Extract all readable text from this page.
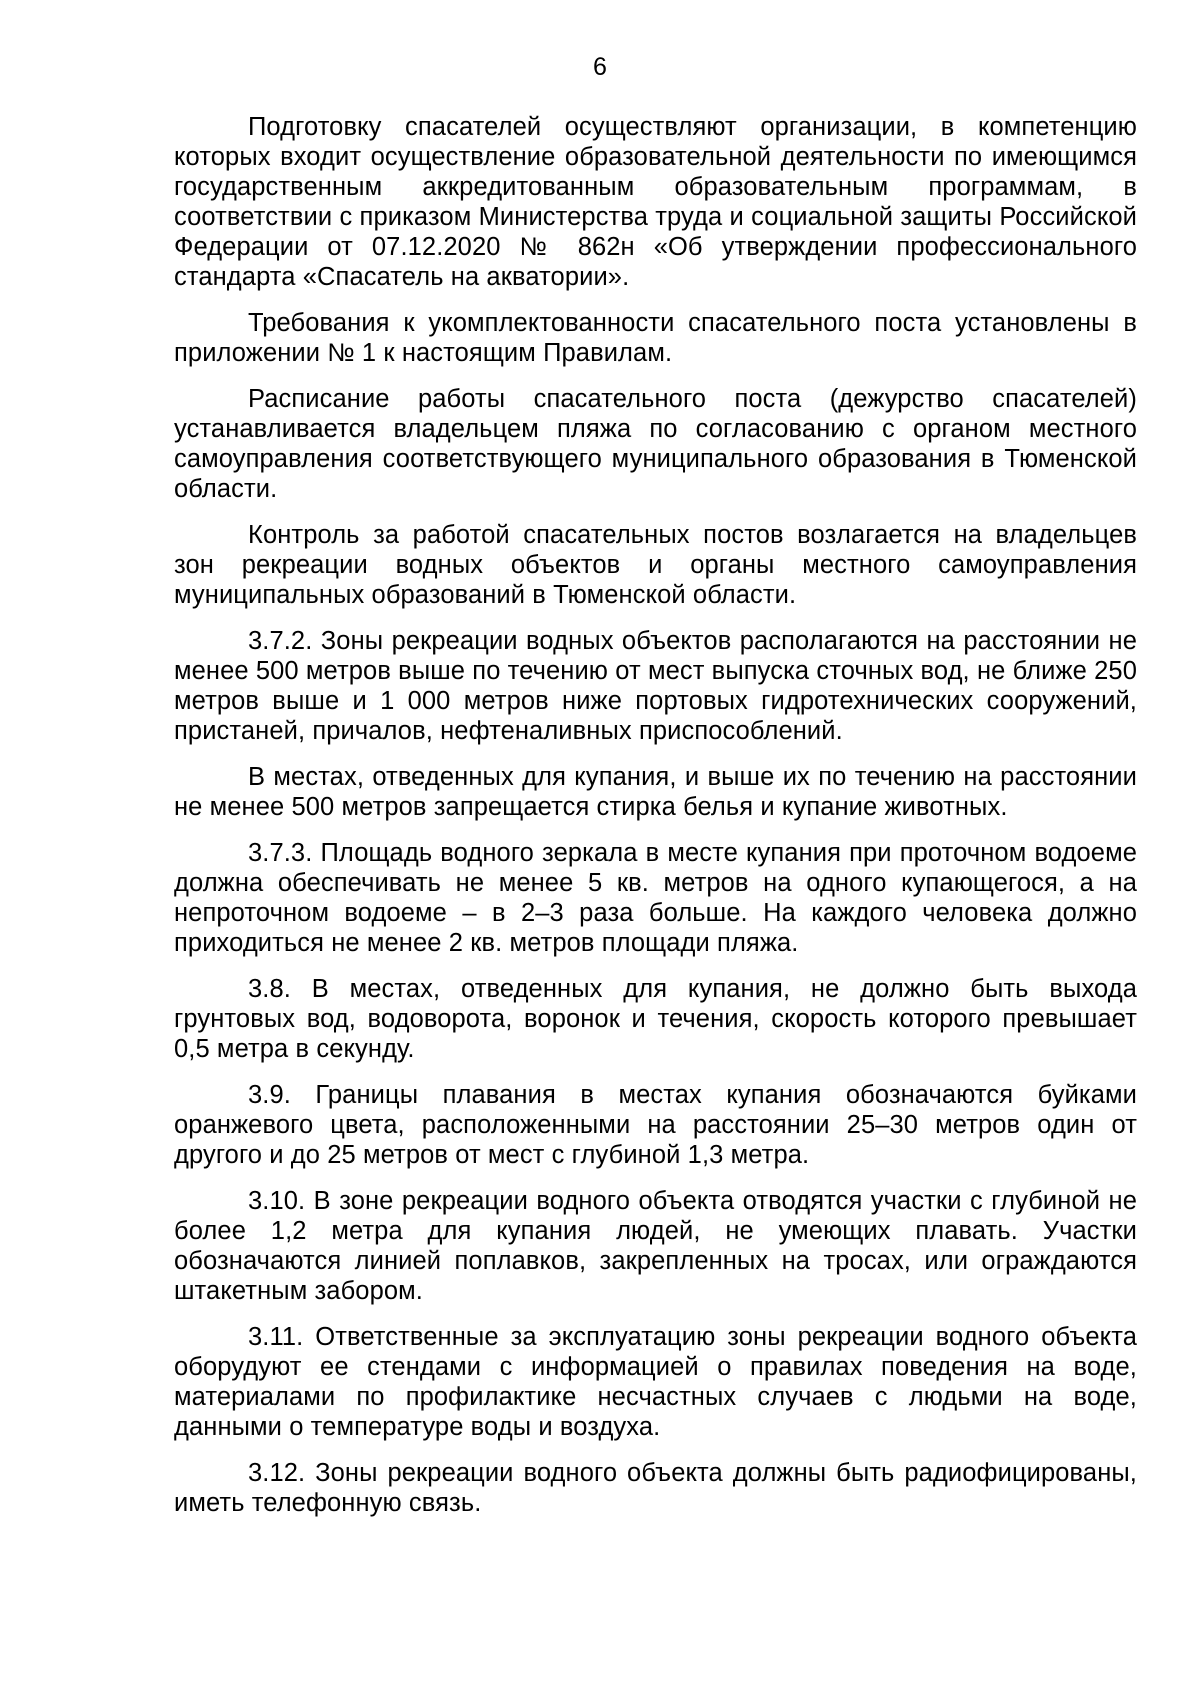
6

Подготовку спасателей осуществляют организации, в компетенцию которых входит осуществление образовательной деятельности по имеющимся государственным аккредитованным образовательным программам, в соответствии с приказом Министерства труда и социальной защиты Российской Федерации от 07.12.2020 № 862н «Об утверждении профессионального стандарта «Спасатель на акватории».

Требования к укомплектованности спасательного поста установлены в приложении № 1 к настоящим Правилам.

Расписание работы спасательного поста (дежурство спасателей) устанавливается владельцем пляжа по согласованию с органом местного самоуправления соответствующего муниципального образования в Тюменской области.

Контроль за работой спасательных постов возлагается на владельцев зон рекреации водных объектов и органы местного самоуправления муниципальных образований в Тюменской области.

3.7.2. Зоны рекреации водных объектов располагаются на расстоянии не менее 500 метров выше по течению от мест выпуска сточных вод, не ближе 250 метров выше и 1 000 метров ниже портовых гидротехнических сооружений, пристаней, причалов, нефтеналивных приспособлений.

В местах, отведенных для купания, и выше их по течению на расстоянии не менее 500 метров запрещается стирка белья и купание животных.

3.7.3. Площадь водного зеркала в месте купания при проточном водоеме должна обеспечивать не менее 5 кв. метров на одного купающегося, а на непроточном водоеме – в 2–3 раза больше. На каждого человека должно приходиться не менее 2 кв. метров площади пляжа.

3.8. В местах, отведенных для купания, не должно быть выхода грунтовых вод, водоворота, воронок и течения, скорость которого превышает 0,5 метра в секунду.

3.9. Границы плавания в местах купания обозначаются буйками оранжевого цвета, расположенными на расстоянии 25–30 метров один от другого и до 25 метров от мест с глубиной 1,3 метра.

3.10. В зоне рекреации водного объекта отводятся участки с глубиной не более 1,2 метра для купания людей, не умеющих плавать. Участки обозначаются линией поплавков, закрепленных на тросах, или ограждаются штакетным забором.

3.11. Ответственные за эксплуатацию зоны рекреации водного объекта оборудуют ее стендами с информацией о правилах поведения на воде, материалами по профилактике несчастных случаев с людьми на воде, данными о температуре воды и воздуха.

3.12. Зоны рекреации водного объекта должны быть радиофицированы, иметь телефонную связь.
